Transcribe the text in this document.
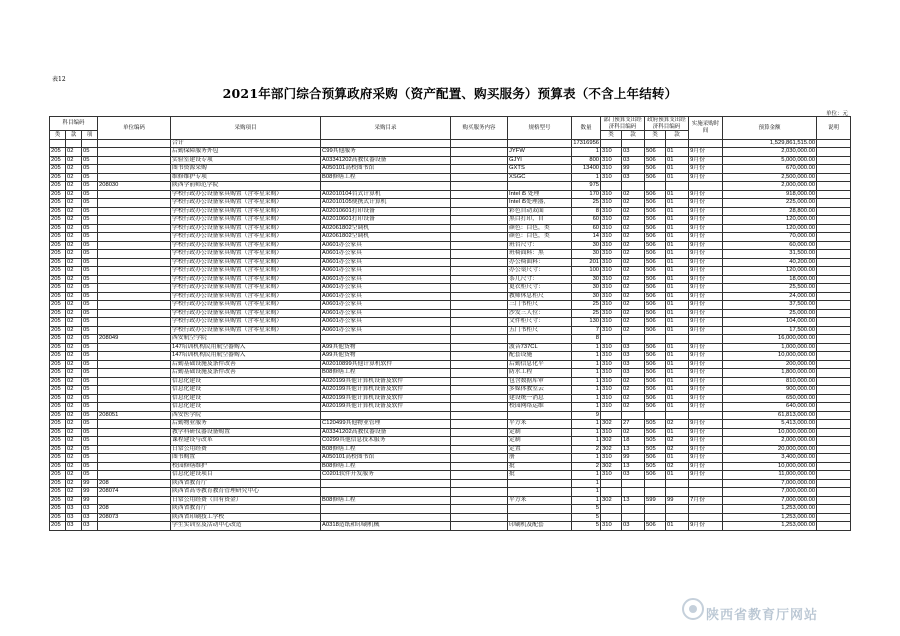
表12
2021年部门综合预算政府采购（资产配置、购买服务）预算表（不含上年结转）
单位：元
科目编码			单位编码	采购项目	采购目录	购买服务内容	规格型号	数量	部门预算支出经济科目编码		政府预算支出经济科目编码		实施采购时间	预算金额	说明
类	款	项							类	款	类	款			
				合计				17316956						1,529,861,515.00	
205	02	05		后勤保障服务外包	C99其他服务		JYFW	1	310	03	506	01	9月份	2,030,000.00	
205	02	05		实验室建设专项	A03341202高教仪器设备		GJYI	800	310	03	506	01	9月份	5,000,000.00	
205	02	05		图书资源采购	A050101高校图书馆		GXTS	13400	310	99	506	01	9月份	670,000.00	
205	02	05		维修维护专项	B08修缮工程		XSGC	1	310	03	506	01	9月份	2,500,000.00	
205	02	05	208030	陕西学前师范学院				975						2,000,000.00	
205	02	05		学校行政办公设备家具购置（含零星采购）	A02010104台式计算机		Intel i5 处理	170	310	02	506	01	9月份	918,000.00	
205	02	05		学校行政办公设备家具购置（含零星采购）	A02010105便携式计算机		Intel i5处理器,	25	310	02	506	01	9月份	225,000.00	
205	02	05		学校行政办公设备家具购置（含零星采购）	A02010601打印设备		彩色自动双面	8	310	02	506	01	9月份	28,800.00	
205	02	05		学校行政办公设备家具购置（含零星采购）	A02010601打印设备		黑白打印，自	60	310	02	506	01	9月份	120,000.00	
205	02	05		学校行政办公设备家具购置（含零星采购）	A02061802空调机		颜色：白色，类	60	310	02	506	01	9月份	120,000.00	
205	02	05		学校行政办公设备家具购置（含零星采购）	A02061802空调机		颜色：白色，类	14	310	02	506	01	9月份	70,000.00	
205	02	05		学校行政办公设备家具购置（含零星采购）	A0601办公家具		班台尺寸：	30	310	02	506	01	9月份	60,000.00	
205	02	05		学校行政办公设备家具购置（含零星采购）	A0601办公家具		班椅面料：黑	30	310	02	506	01	9月份	31,500.00	
205	02	05		学校行政办公设备家具购置（含零星采购）	A0601办公家具		办公椅面料：	201	310	02	506	01	9月份	40,200.00	
205	02	05		学校行政办公设备家具购置（含零星采购）	A0601办公家具		办公桌尺寸：	100	310	02	506	01	9月份	120,000.00	
205	02	05		学校行政办公设备家具购置（含零星采购）	A0601办公家具		茶几尺寸：	30	310	02	506	01	9月份	18,000.00	
205	02	05		学校行政办公设备家具购置（含零星采购）	A0601办公家具		更衣柜尺寸：	30	310	02	506	01	9月份	25,500.00	
205	02	05		学校行政办公设备家具购置（含零星采购）	A0601办公家具		教师休息柜尺	30	310	02	506	01	9月份	24,000.00	
205	02	05		学校行政办公设备家具购置（含零星采购）	A0601办公家具		三门书柜尺	25	310	02	506	01	9月份	37,500.00	
205	02	05		学校行政办公设备家具购置（含零星采购）	A0601办公家具		沙发三人位：	25	310	02	506	01	9月份	25,000.00	
205	02	05		学校行政办公设备家具购置（含零星采购）	A0601办公家具		文件柜尺寸：	130	310	02	506	01	9月份	104,000.00	
205	02	05		学校行政办公设备家具购置（含零星采购）	A0601办公家具		五门书柜尺	7	310	02	506	01	9月份	17,500.00	
205	02	05	208049	西安航空学院				8						16,000,000.00	
205	02	05		147培训机构民用航空器购入	A99其他货物		波音737CL	1	310	03	506	01	9月份	1,000,000.00	
205	02	05		147培训机构民用航空器购入	A99其他货物		配套设施	1	310	03	506	01	9月份	10,000,000.00	
205	02	05		后勤基础设施及条件改善	A02010899其他计算机软件		后勤信息化平	1	310	03	506	01	9月份	200,000.00	
205	02	05		后勤基础设施及条件改善	B08修缮工程		防水工程	1	310	03	506	01	9月份	1,800,000.00	
205	02	05		信息化建设	A020199其他计算机设备及软件		包含数据库审	1	310	02	506	01	9月份	810,000.00	
205	02	05		信息化建设	A020199其他计算机设备及软件		多媒体教室云	1	310	02	506	01	9月份	900,000.00	
205	02	05		信息化建设	A020199其他计算机设备及软件		建设统一消息	1	310	02	506	01	9月份	650,000.00	
205	02	05		信息化建设	A020199其他计算机设备及软件		校园网络运维	1	310	02	506	01	9月份	640,000.00	
205	02	05	208051	西安医学院				9						61,813,000.00	
205	02	05		后勤物业服务	C120499其他物业管理		平方米	1	302	27	505	02	9月份	5,413,000.00	
205	02	05		教学科研仪器设备购置	A03341202高教仪器设备		定制	1	310	02	506	01	9月份	10,000,000.00	
205	02	05		课程建设与改革	C0299其他信息技术服务		定制	1	302	18	505	02	9月份	2,000,000.00	
205	02	05		日常公用经费	B08修缮工程		定置	2	302	13	505	02	9月份	20,000,000.00	
205	02	05		图书购置	A050101高校图书馆		册	1	310	99	506	01	9月份	3,400,000.00	
205	02	05		校园修缮维护	B08修缮工程		批	2	302	13	505	02	9月份	10,000,000.00	
205	02	05		信息化建设项目	C0201软件开发服务		批	1	310	03	506	01	9月份	11,000,000.00	
205	02	99	208	陕西省教育厅				1						7,000,000.00	
205	02	99	208074	陕西省高等教育教育管理研究中心				1						7,000,000.00	
205	02	99		日常公用经费（自有资金）	B08修缮工程		平方米	1	302	13	599	99	7月份	7,000,000.00	
205	03	03	208	陕西省教育厅				5						1,253,000.00	
205	03	03	208073	陕西省印刷技工学校				5						1,253,000.00	
205	03	03		学生实训室及活动中心改造	A0318造纸和印刷机械		印刷机及配套	5	310	03	506	01	9月份	1,253,000.00	
陕西省教育厅网站
